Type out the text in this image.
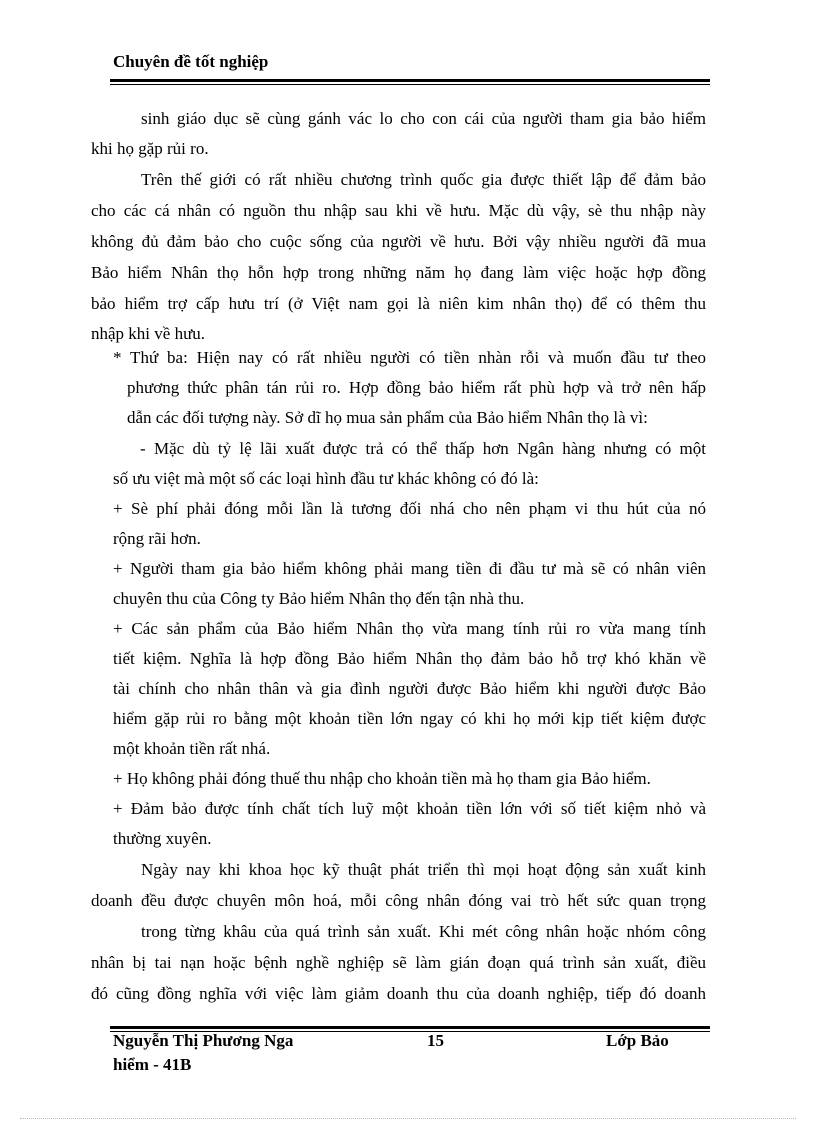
Chuyên đề tốt nghiệp
sinh giáo dục sẽ cùng gánh vác lo cho con cái của người tham gia bảo hiểm
khi họ gặp rủi ro.
Trên thế giới có rất nhiều chương trình quốc gia được thiết lập để đảm bảo
cho các cá nhân có nguồn thu nhập sau khi về hưu. Mặc dù vậy, sè thu nhập này
không đủ đảm bảo cho cuộc sống của người về hưu. Bởi vậy nhiều người đã mua
Bảo hiểm Nhân thọ hỗn hợp trong những năm họ đang làm việc hoặc hợp đồng
bảo hiểm trợ cấp hưu trí (ở Việt nam gọi là niên kim nhân thọ) để có thêm thu
nhập khi về hưu.
* Thứ ba: Hiện nay có rất nhiều người có tiền nhàn rỗi và muốn đầu tư theo
phương thức phân tán rủi ro. Hợp đồng bảo hiểm rất phù hợp và trở nên hấp
dẫn các đối tượng này. Sở dĩ họ mua sản phẩm của Bảo hiểm Nhân thọ là vì:
- Mặc dù tỷ lệ lãi xuất được trả có thể thấp hơn Ngân hàng nhưng có một
số ưu việt mà một số các loại hình đầu tư khác không có đó là:
+ Sè phí phải đóng mỗi lần là tương đối nhá cho nên phạm vi thu hút của nó
rộng rãi hơn.
+ Người tham gia bảo hiểm không phải mang tiền đi đầu tư mà sẽ có nhân viên
chuyên thu của Công ty Bảo hiểm Nhân thọ đến tận nhà thu.
+ Các sản phẩm của Bảo hiểm Nhân thọ vừa mang tính rủi ro vừa mang tính
tiết kiệm. Nghĩa là hợp đồng Bảo hiểm Nhân thọ đảm bảo hỗ trợ khó khăn về
tài chính cho nhân thân và gia đình người được Bảo hiểm khi người được Bảo
hiểm gặp rủi ro bằng một khoản tiền lớn ngay có khi họ mới kịp tiết kiệm được
một khoản tiền rất nhá.
+ Họ không phải đóng thuế thu nhập cho khoản tiền mà họ tham gia Bảo hiểm.
+ Đảm bảo được tính chất tích luỹ một khoản tiền lớn với số tiết kiệm nhỏ và
thường xuyên.
Ngày nay khi khoa học kỹ thuật phát triển thì mọi hoạt động sản xuất kinh
doanh đều được chuyên môn hoá, mỗi công nhân đóng vai trò hết sức quan trọng
trong từng khâu của quá trình sản xuất. Khi mét công nhân hoặc nhóm công
nhân bị tai nạn hoặc bệnh nghề nghiệp sẽ làm gián đoạn quá trình sản xuất, điều
đó cũng đồng nghĩa với việc làm giảm doanh thu của doanh nghiệp, tiếp đó doanh
Nguyễn Thị Phương Nga	15	Lớp Bảo
hiểm - 41B
